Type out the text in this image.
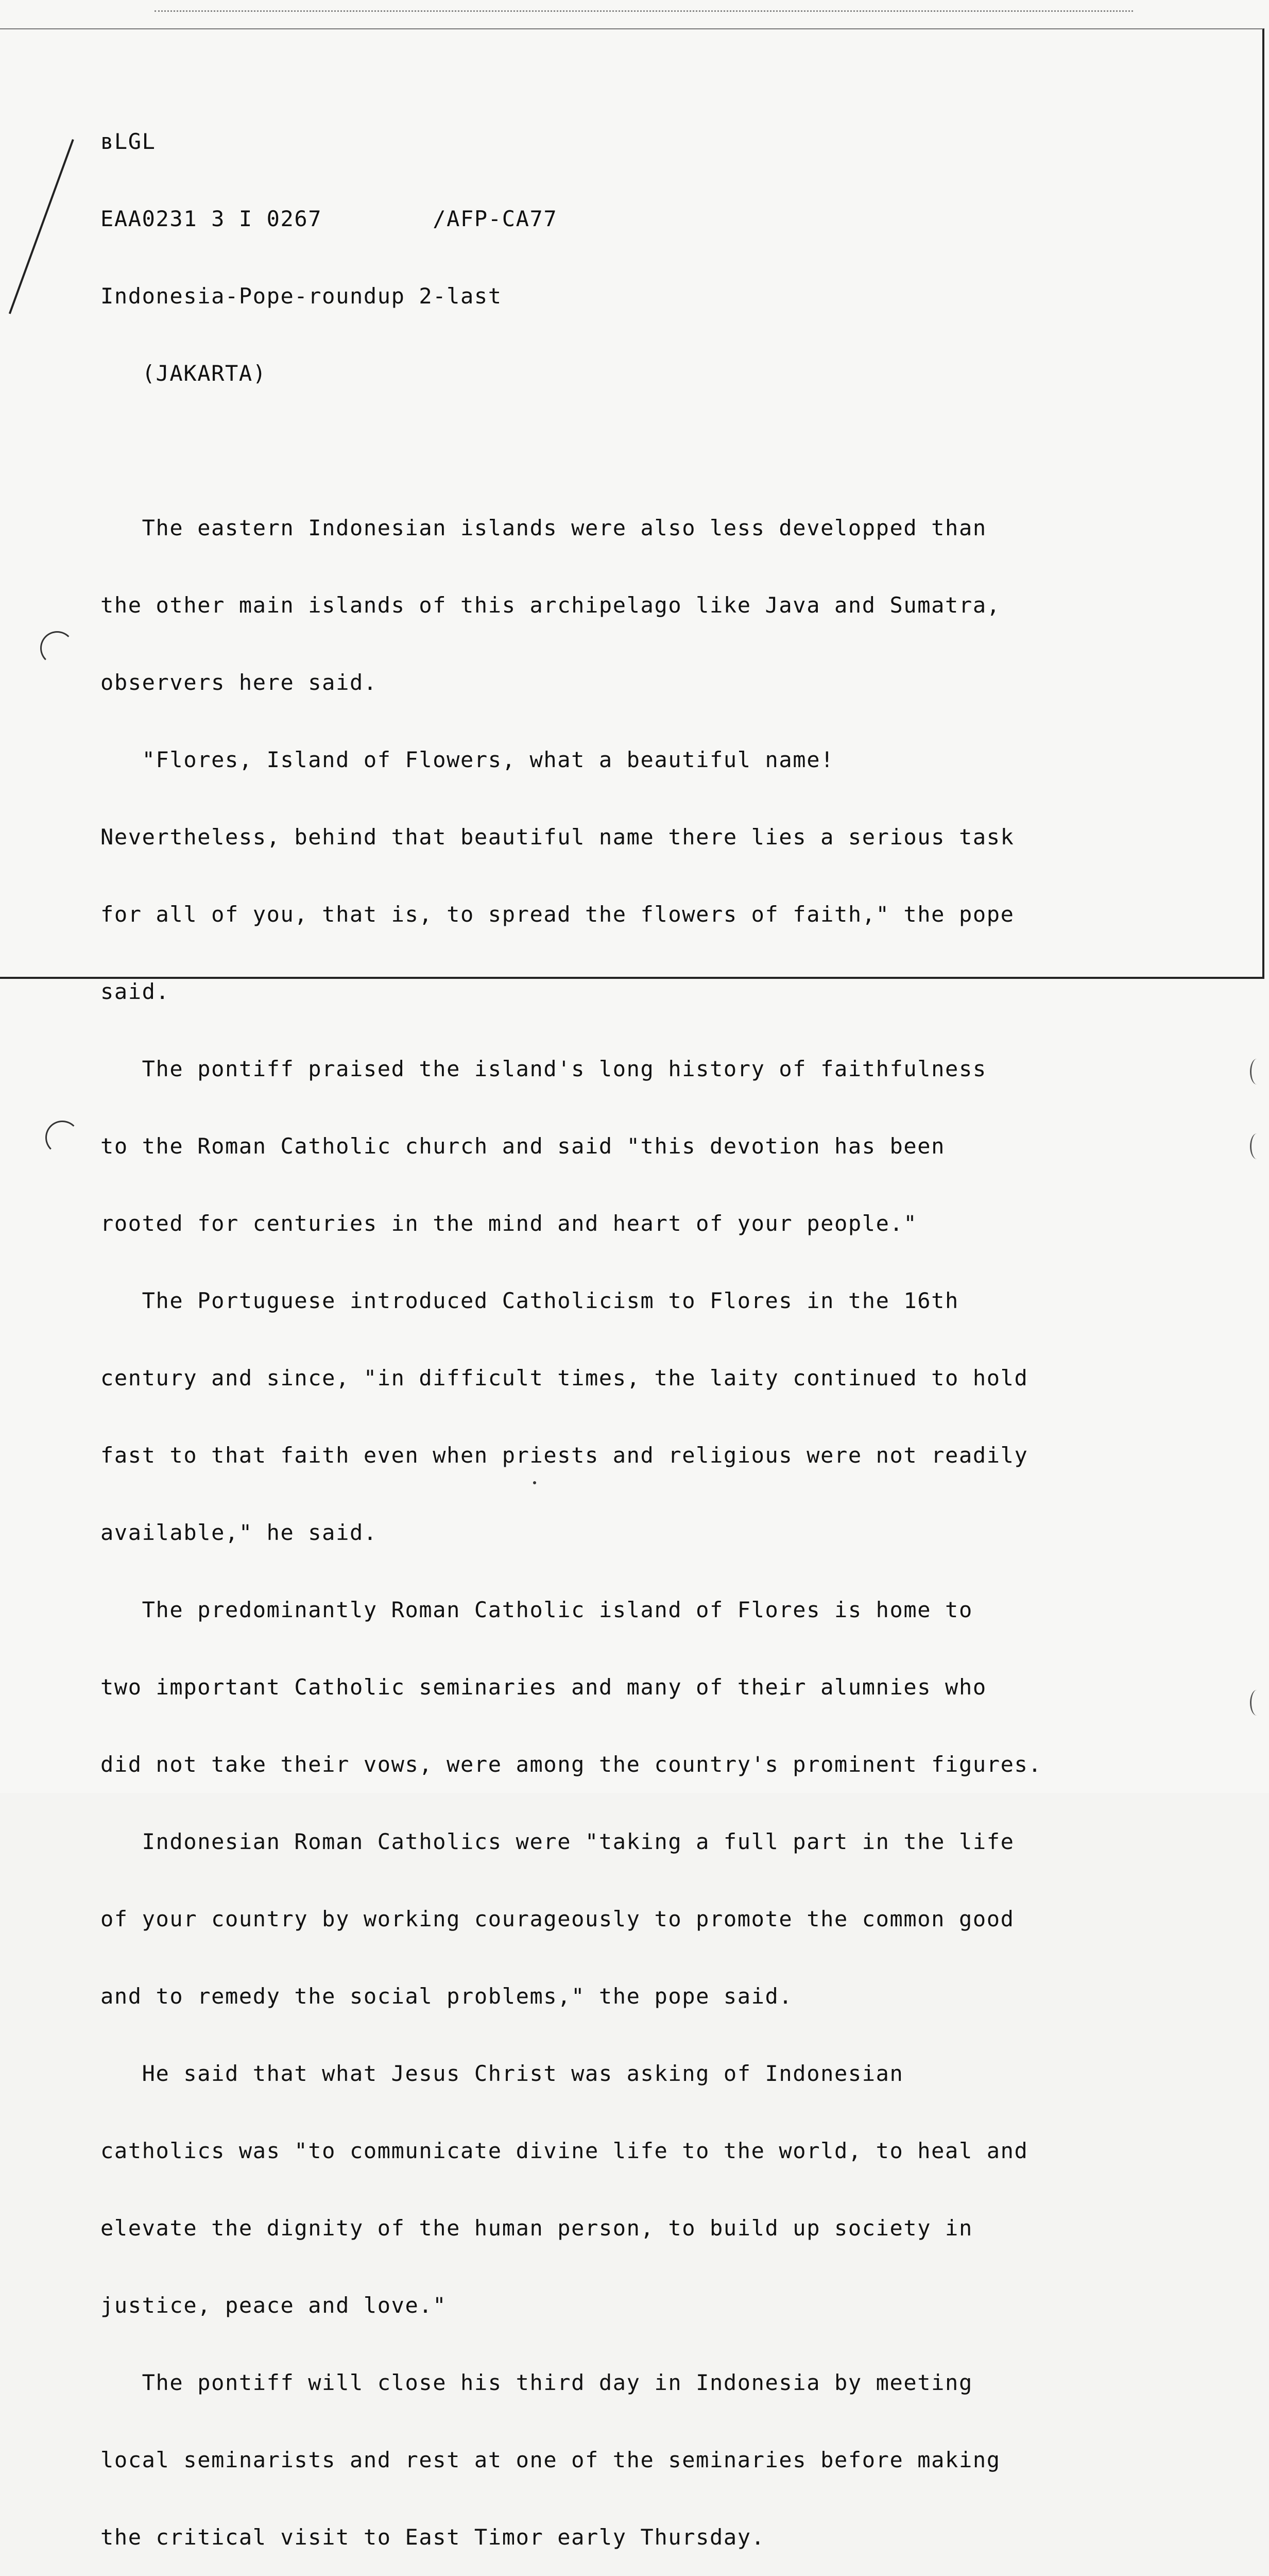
вLGL

EAA0231 3 I 0267        /AFP-CA77

Indonesia-Pope-roundup 2-last

(JAKARTA)

The eastern Indonesian islands were also less developped than

the other main islands of this archipelago like Java and Sumatra,

observers here said.

"Flores, Island of Flowers, what a beautiful name!

Nevertheless, behind that beautiful name there lies a serious task

for all of you, that is, to spread the flowers of faith," the pope

said.

The pontiff praised the island's long history of faithfulness

to the Roman Catholic church and said "this devotion has been

rooted for centuries in the mind and heart of your people."

The Portuguese introduced Catholicism to Flores in the 16th

century and since, "in difficult times, the laity continued to hold

fast to that faith even when priests and religious were not readily

available," he said.

The predominantly Roman Catholic island of Flores is home to

two important Catholic seminaries and many of their alumnies who

did not take their vows, were among the country's prominent figures.

Indonesian Roman Catholics were "taking a full part in the life

of your country by working courageously to promote the common good

and to remedy the social problems," the pope said.

He said that what Jesus Christ was asking of Indonesian

catholics was "to communicate divine life to the world, to heal and

elevate the dignity of the human person, to build up society in

justice, peace and love."

The pontiff will close his third day in Indonesia by meeting

local seminarists and rest at one of the seminaries before making

the critical visit to East Timor early Thursday.
